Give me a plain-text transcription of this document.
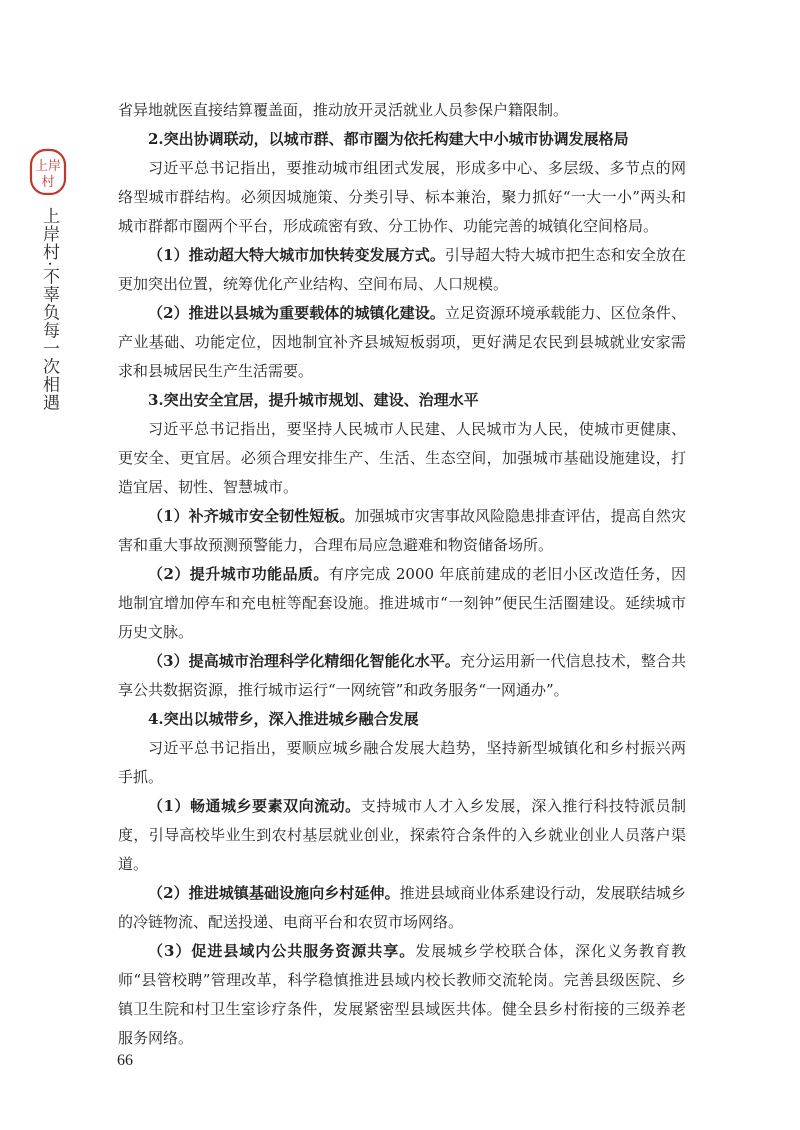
上岸
村
上岸村·不辜负每一次相遇

省异地就医直接结算覆盖面，推动放开灵活就业人员参保户籍限制。

2.突出协调联动，以城市群、都市圈为依托构建大中小城市协调发展格局

习近平总书记指出，要推动城市组团式发展，形成多中心、多层级、多节点的网络型城市群结构。必须因城施策、分类引导、标本兼治，聚力抓好“一大一小”两头和城市群都市圈两个平台，形成疏密有致、分工协作、功能完善的城镇化空间格局。

（1）推动超大特大城市加快转变发展方式。引导超大特大城市把生态和安全放在更加突出位置，统筹优化产业结构、空间布局、人口规模。

（2）推进以县城为重要载体的城镇化建设。立足资源环境承载能力、区位条件、产业基础、功能定位，因地制宜补齐县城短板弱项，更好满足农民到县城就业安家需求和县城居民生产生活需要。

3.突出安全宜居，提升城市规划、建设、治理水平

习近平总书记指出，要坚持人民城市人民建、人民城市为人民，使城市更健康、更安全、更宜居。必须合理安排生产、生活、生态空间，加强城市基础设施建设，打造宜居、韧性、智慧城市。

（1）补齐城市安全韧性短板。加强城市灾害事故风险隐患排查评估，提高自然灾害和重大事故预测预警能力，合理布局应急避难和物资储备场所。

（2）提升城市功能品质。有序完成 2000 年底前建成的老旧小区改造任务，因地制宜增加停车和充电桩等配套设施。推进城市“一刻钟”便民生活圈建设。延续城市历史文脉。

（3）提高城市治理科学化精细化智能化水平。充分运用新一代信息技术，整合共享公共数据资源，推行城市运行“一网统管”和政务服务“一网通办”。

4.突出以城带乡，深入推进城乡融合发展

习近平总书记指出，要顺应城乡融合发展大趋势，坚持新型城镇化和乡村振兴两手抓。

（1）畅通城乡要素双向流动。支持城市人才入乡发展，深入推行科技特派员制度，引导高校毕业生到农村基层就业创业，探索符合条件的入乡就业创业人员落户渠道。

（2）推进城镇基础设施向乡村延伸。推进县域商业体系建设行动，发展联结城乡的冷链物流、配送投递、电商平台和农贸市场网络。

（3）促进县域内公共服务资源共享。发展城乡学校联合体，深化义务教育教师“县管校聘”管理改革，科学稳慎推进县域内校长教师交流轮岗。完善县级医院、乡镇卫生院和村卫生室诊疗条件，发展紧密型县域医共体。健全县乡村衔接的三级养老服务网络。

66
